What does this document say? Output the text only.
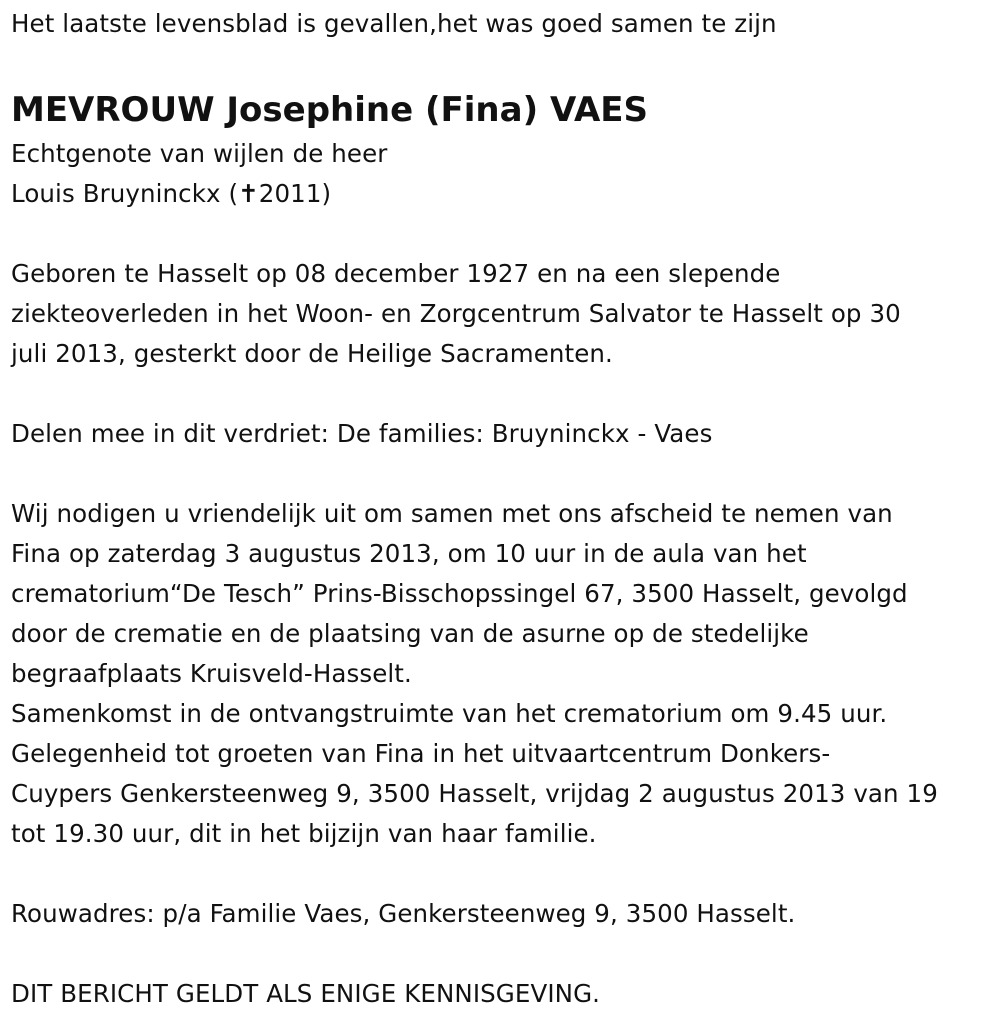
Het laatste levensblad is gevallen,het was goed samen te zijn
MEVROUW Josephine (Fina) VAES
Echtgenote van wijlen de heer
Louis Bruyninckx (✝2011)
Geboren te Hasselt op 08 december 1927 en na een slepende
ziekteoverleden in het Woon- en Zorgcentrum Salvator te Hasselt op 30
juli 2013, gesterkt door de Heilige Sacramenten.
Delen mee in dit verdriet: De families: Bruyninckx - Vaes
Wij nodigen u vriendelijk uit om samen met ons afscheid te nemen van
Fina op zaterdag 3 augustus 2013, om 10 uur in de aula van het
crematorium“De Tesch” Prins-Bisschopssingel 67, 3500 Hasselt, gevolgd
door de crematie en de plaatsing van de asurne op de stedelijke
begraafplaats Kruisveld-Hasselt.
Samenkomst in de ontvangstruimte van het crematorium om 9.45 uur.
Gelegenheid tot groeten van Fina in het uitvaartcentrum Donkers-
Cuypers Genkersteenweg 9, 3500 Hasselt, vrijdag 2 augustus 2013 van 19
tot 19.30 uur, dit in het bijzijn van haar familie.
Rouwadres: p/a Familie Vaes, Genkersteenweg 9, 3500 Hasselt.
DIT BERICHT GELDT ALS ENIGE KENNISGEVING.
